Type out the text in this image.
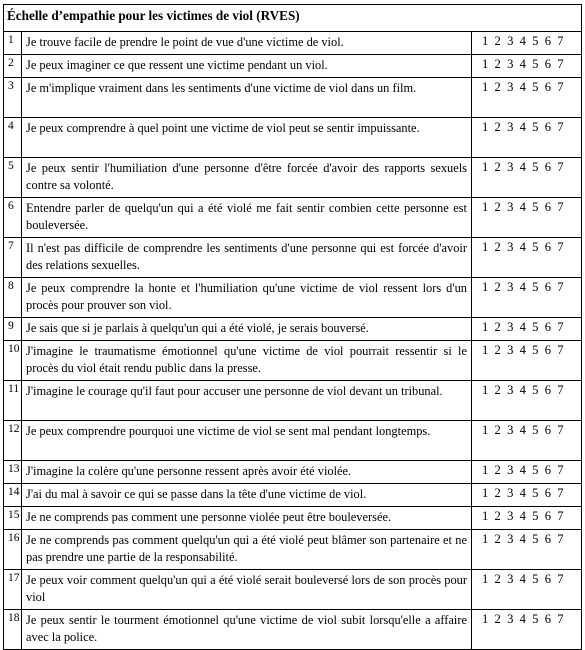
Échelle d’empathie pour les victimes de viol (RVES)		
1	Je trouve facile de prendre le point de vue d'une victime de viol.	1 2 3 4 5 6 7
2	Je peux imaginer ce que ressent une victime pendant un viol.	1 2 3 4 5 6 7
3	Je m'implique vraiment dans les sentiments d'une victime de viol dans un film.	1 2 3 4 5 6 7
4	Je peux comprendre à quel point une victime de viol peut se sentir impuissante.	1 2 3 4 5 6 7
5	Je peux sentir l'humiliation d'une personne d'être forcée d'avoir des rapports sexuels contre sa volonté.	1 2 3 4 5 6 7
6	Entendre parler de quelqu'un qui a été violé me fait sentir combien cette personne est bouleversée.	1 2 3 4 5 6 7
7	Il n'est pas difficile de comprendre les sentiments d'une personne qui est forcée d'avoir des relations sexuelles.	1 2 3 4 5 6 7
8	Je peux comprendre la honte et l'humiliation qu'une victime de viol ressent lors d'un procès pour prouver son viol.	1 2 3 4 5 6 7
9	Je sais que si je parlais à quelqu'un qui a été violé, je serais bouversé.	1 2 3 4 5 6 7
10	J'imagine le traumatisme émotionnel qu'une victime de viol pourrait ressentir si le procès du viol était rendu public dans la presse.	1 2 3 4 5 6 7
11	J'imagine le courage qu'il faut pour accuser une personne de viol devant un tribunal.	1 2 3 4 5 6 7
12	Je peux comprendre pourquoi une victime de viol se sent mal pendant longtemps.	1 2 3 4 5 6 7
13	J'imagine la colère qu'une personne ressent après avoir été violée.	1 2 3 4 5 6 7
14	J'ai du mal à savoir ce qui se passe dans la tête d'une victime de viol.	1 2 3 4 5 6 7
15	Je ne comprends pas comment une personne violée peut être bouleversée.	1 2 3 4 5 6 7
16	Je ne comprends pas comment quelqu'un qui a été violé peut blâmer son partenaire et ne pas prendre une partie de la responsabilité.	1 2 3 4 5 6 7
17	Je peux voir comment quelqu'un qui a été violé serait bouleversé lors de son procès pour viol	1 2 3 4 5 6 7
18	Je peux sentir le tourment émotionnel qu'une victime de viol subit lorsqu'elle a affaire avec la police.	1 2 3 4 5 6 7
